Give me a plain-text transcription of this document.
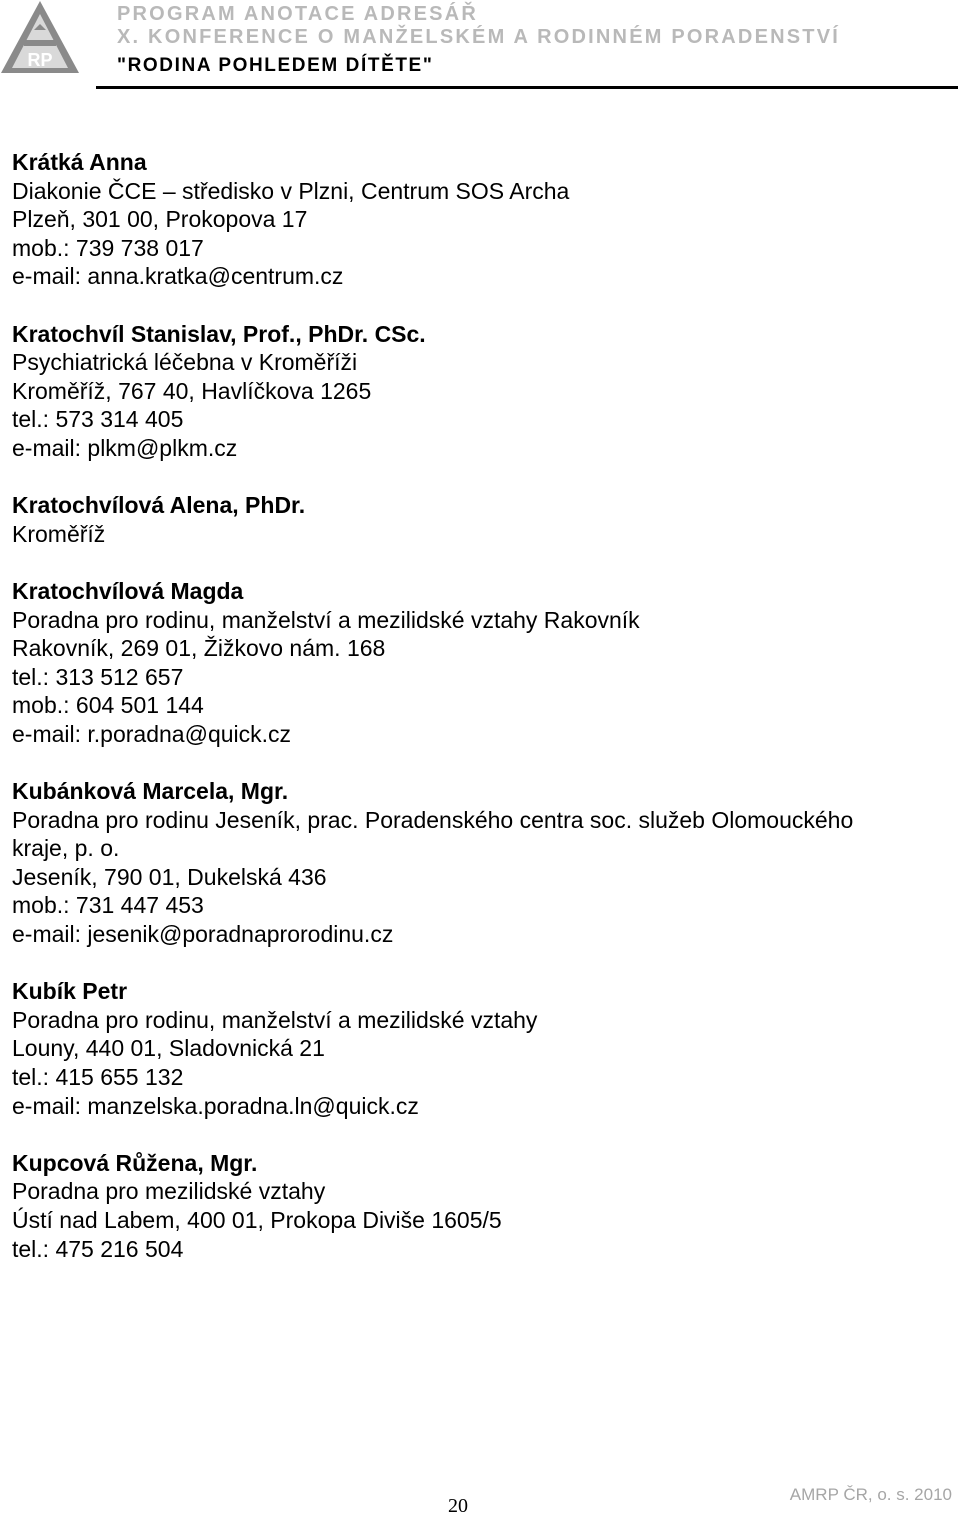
RP
PROGRAM ANOTACE ADRESÁŘ
X. KONFERENCE O MANŽELSKÉM A RODINNÉM PORADENSTVÍ
"RODINA POHLEDEM DÍTĚTE"
Krátká Anna
Diakonie ČCE – středisko v Plzni, Centrum SOS Archa
Plzeň, 301 00, Prokopova 17
mob.: 739 738 017
e-mail: anna.kratka@centrum.cz
Kratochvíl Stanislav, Prof., PhDr. CSc.
Psychiatrická léčebna v Kroměříži
Kroměříž, 767 40, Havlíčkova 1265
tel.: 573 314 405
e-mail: plkm@plkm.cz
Kratochvílová Alena, PhDr.
Kroměříž
Kratochvílová Magda
Poradna pro rodinu, manželství a mezilidské vztahy Rakovník
Rakovník, 269 01, Žižkovo nám. 168
tel.: 313 512 657
mob.: 604 501 144
e-mail: r.poradna@quick.cz
Kubánková Marcela, Mgr.
Poradna pro rodinu Jeseník, prac. Poradenského centra soc. služeb Olomouckého
kraje, p. o.
Jeseník, 790 01, Dukelská 436
mob.: 731 447 453
e-mail: jesenik@poradnaprorodinu.cz
Kubík Petr
Poradna pro rodinu, manželství a mezilidské vztahy
Louny, 440 01, Sladovnická 21
tel.: 415 655 132
e-mail: manzelska.poradna.ln@quick.cz
Kupcová Růžena, Mgr.
Poradna pro mezilidské vztahy
Ústí nad Labem, 400 01, Prokopa Diviše 1605/5
tel.: 475 216 504
20
AMRP ČR, o. s. 2010
